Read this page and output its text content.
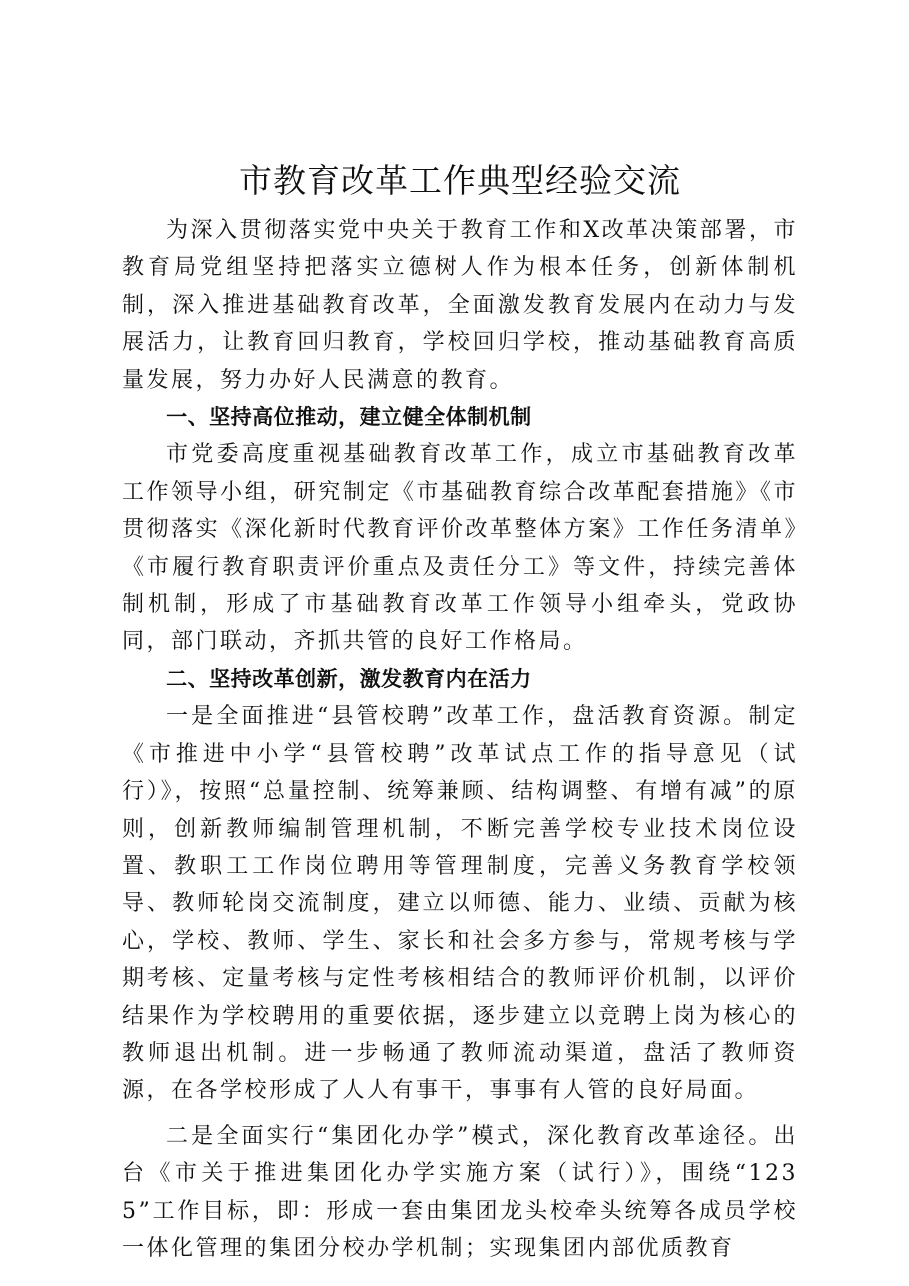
市教育改革工作典型经验交流

为深入贯彻落实党中央关于教育工作和X改革决策部署，市教育局党组坚持把落实立德树人作为根本任务，创新体制机制，深入推进基础教育改革，全面激发教育发展内在动力与发展活力，让教育回归教育，学校回归学校，推动基础教育高质量发展，努力办好人民满意的教育。

一、坚持高位推动，建立健全体制机制

市党委高度重视基础教育改革工作，成立市基础教育改革工作领导小组，研究制定《市基础教育综合改革配套措施》《市贯彻落实《深化新时代教育评价改革整体方案》工作任务清单》《市履行教育职责评价重点及责任分工》等文件，持续完善体制机制，形成了市基础教育改革工作领导小组牵头，党政协同，部门联动，齐抓共管的良好工作格局。

二、坚持改革创新，激发教育内在活力

一是全面推进“县管校聘”改革工作，盘活教育资源。制定《市推进中小学“县管校聘”改革试点工作的指导意见（试行）》，按照“总量控制、统筹兼顾、结构调整、有增有减”的原则，创新教师编制管理机制，不断完善学校专业技术岗位设置、教职工工作岗位聘用等管理制度，完善义务教育学校领导、教师轮岗交流制度，建立以师德、能力、业绩、贡献为核心，学校、教师、学生、家长和社会多方参与，常规考核与学期考核、定量考核与定性考核相结合的教师评价机制，以评价结果作为学校聘用的重要依据，逐步建立以竞聘上岗为核心的教师退出机制。进一步畅通了教师流动渠道，盘活了教师资源，在各学校形成了人人有事干，事事有人管的良好局面。

二是全面实行“集团化办学”模式，深化教育改革途径。出台《市关于推进集团化办学实施方案（试行）》，围绕“1235”工作目标，即：形成一套由集团龙头校牵头统筹各成员学校一体化管理的集团分校办学机制；实现集团内部优质教育
